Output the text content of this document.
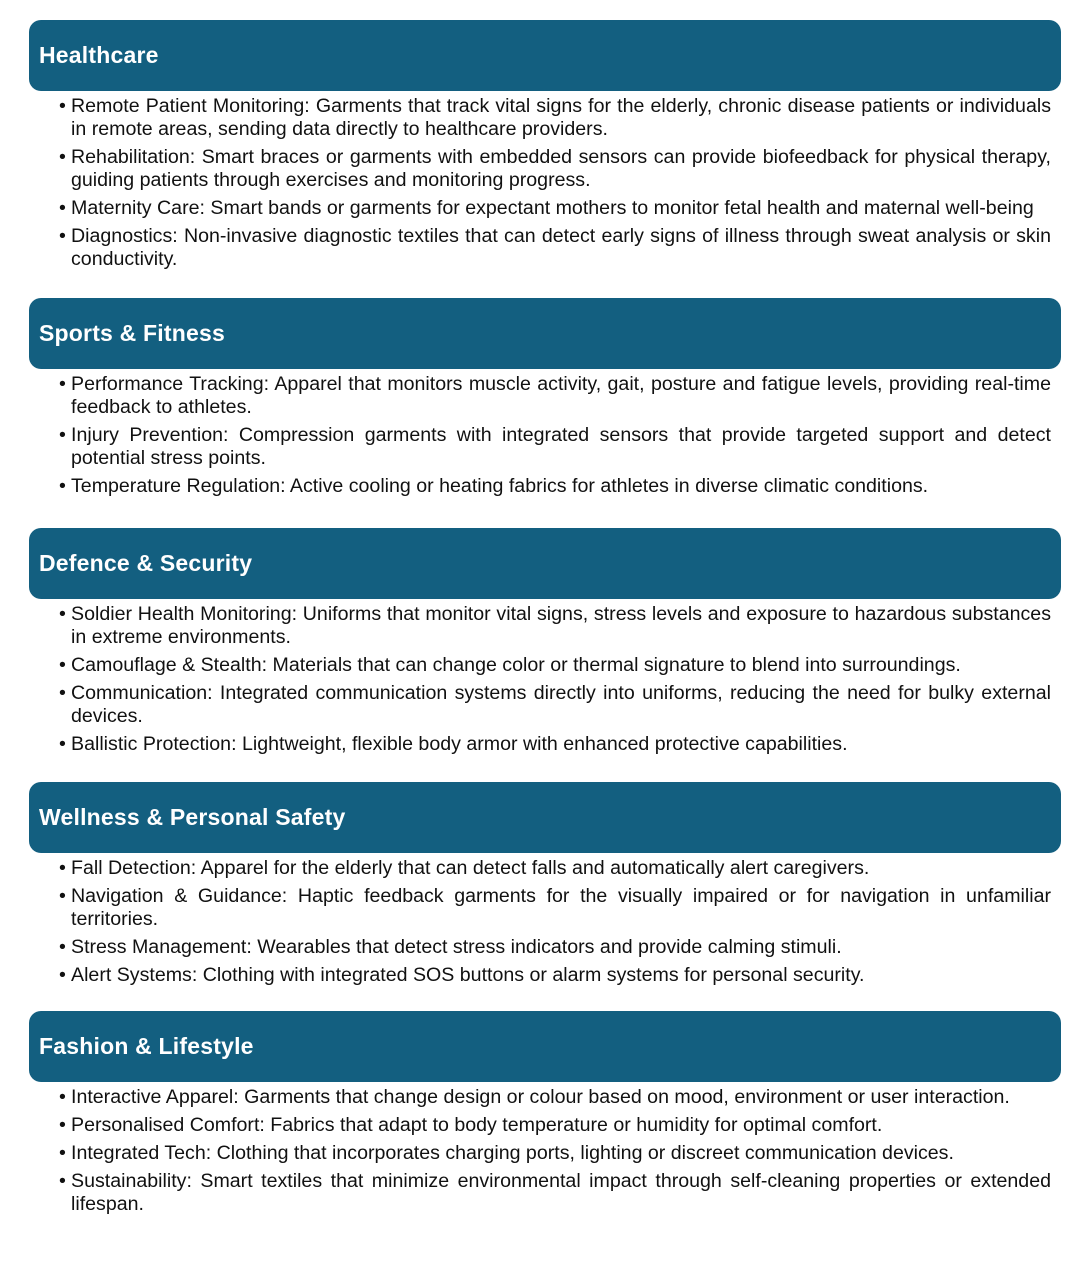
Healthcare
• Remote Patient Monitoring: Garments that track vital signs for the elderly, chronic disease patients or individuals in remote areas, sending data directly to healthcare providers.
• Rehabilitation: Smart braces or garments with embedded sensors can provide biofeedback for physical therapy, guiding patients through exercises and monitoring progress.
• Maternity Care: Smart bands or garments for expectant mothers to monitor fetal health and maternal well-being
• Diagnostics: Non-invasive diagnostic textiles that can detect early signs of illness through sweat analysis or skin conductivity.
Sports & Fitness
• Performance Tracking: Apparel that monitors muscle activity, gait, posture and fatigue levels, providing real-time feedback to athletes.
• Injury Prevention: Compression garments with integrated sensors that provide targeted support and detect potential stress points.
• Temperature Regulation: Active cooling or heating fabrics for athletes in diverse climatic conditions.
Defence & Security
• Soldier Health Monitoring: Uniforms that monitor vital signs, stress levels and exposure to hazardous substances in extreme environments.
• Camouflage & Stealth: Materials that can change color or thermal signature to blend into surroundings.
• Communication: Integrated communication systems directly into uniforms, reducing the need for bulky external devices.
• Ballistic Protection: Lightweight, flexible body armor with enhanced protective capabilities.
Wellness & Personal Safety
• Fall Detection: Apparel for the elderly that can detect falls and automatically alert caregivers.
• Navigation & Guidance: Haptic feedback garments for the visually impaired or for navigation in unfamiliar territories.
• Stress Management: Wearables that detect stress indicators and provide calming stimuli.
• Alert Systems: Clothing with integrated SOS buttons or alarm systems for personal security.
Fashion & Lifestyle
• Interactive Apparel: Garments that change design or colour based on mood, environment or user interaction.
• Personalised Comfort: Fabrics that adapt to body temperature or humidity for optimal comfort.
• Integrated Tech: Clothing that incorporates charging ports, lighting or discreet communication devices.
• Sustainability: Smart textiles that minimize environmental impact through self-cleaning properties or extended lifespan.
